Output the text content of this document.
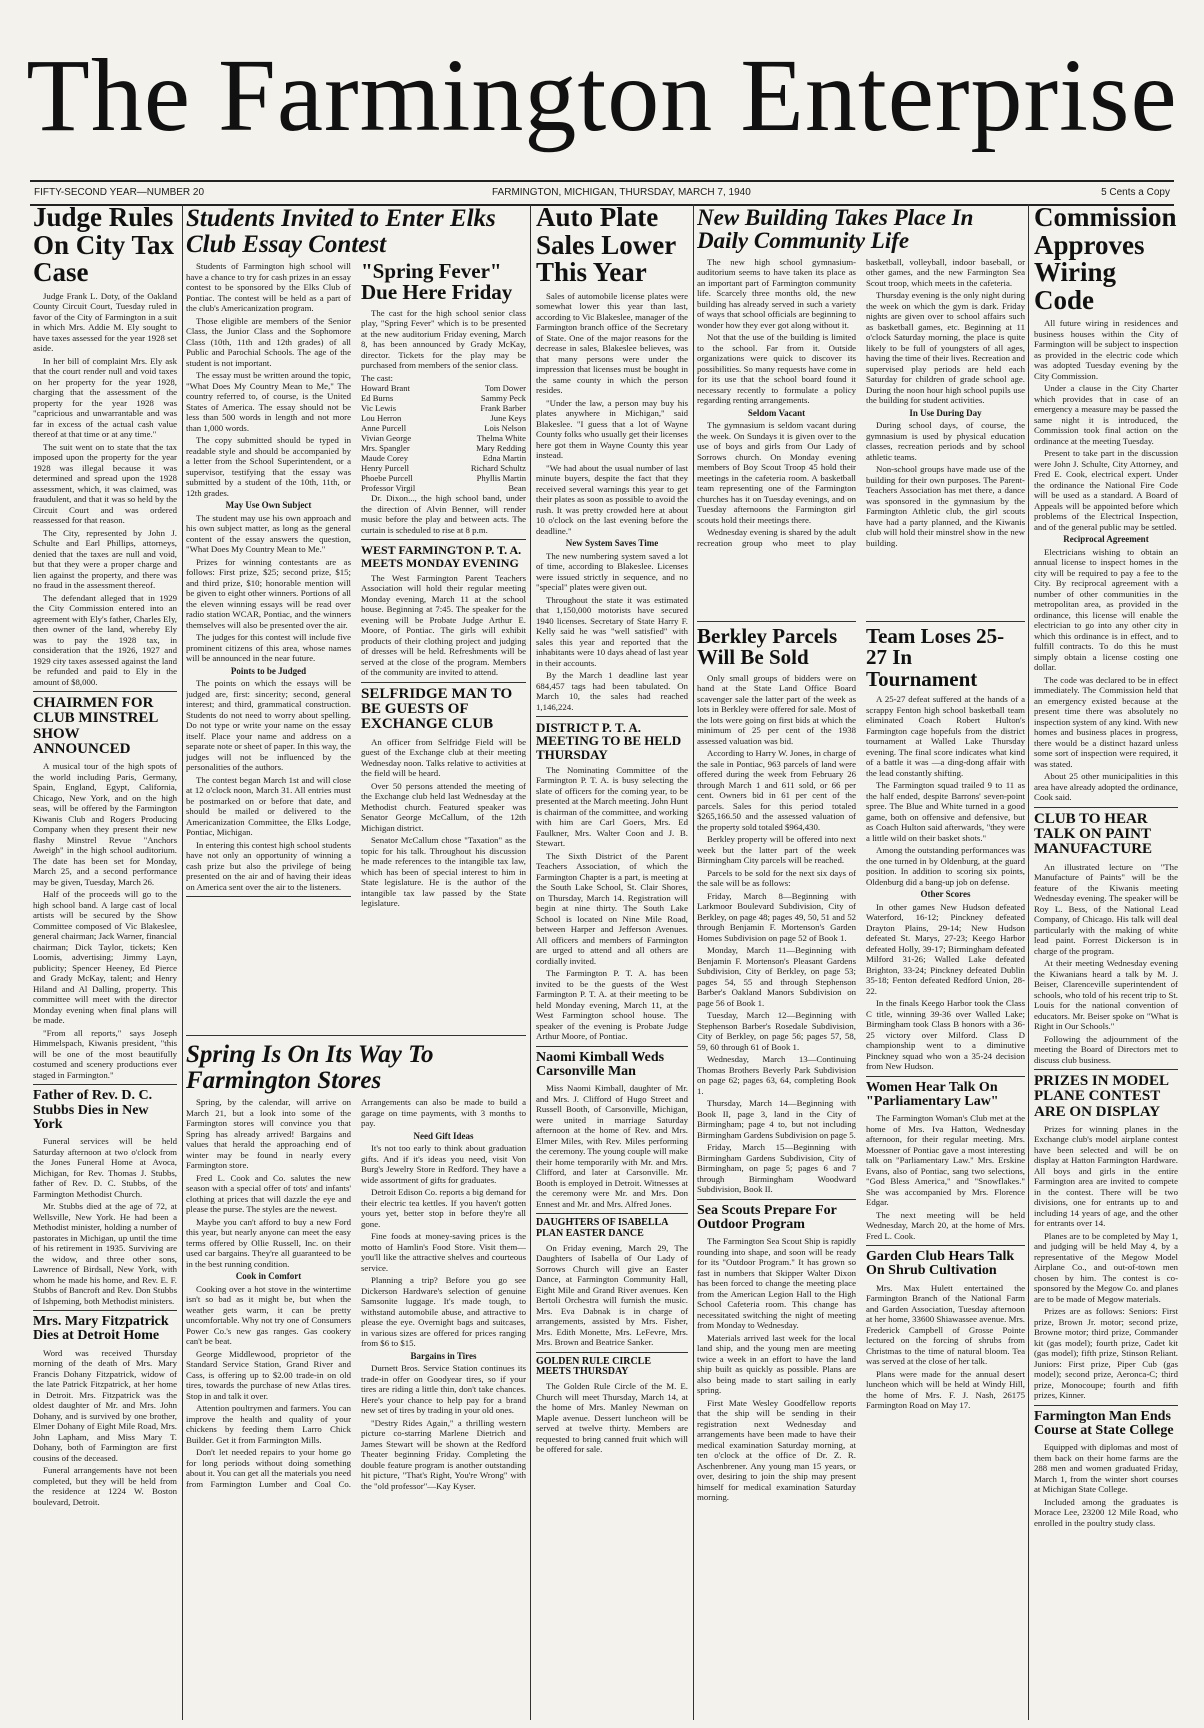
The Farmington Enterprise
FIFTY-SECOND YEAR—NUMBER 20	FARMINGTON, MICHIGAN, THURSDAY, MARCH 7, 1940	5 Cents a Copy
Judge Rules On City Tax Case

Judge Frank L. Doty, of the Oakland County Circuit Court, Tuesday ruled in favor of the City of Farmington in a suit in which Mrs. Addie M. Ely sought to have taxes assessed for the year 1928 set aside.

In her bill of complaint Mrs. Ely ask that the court render null and void taxes on her property for the year 1928, charging that the assessment of the property for the year 1928 was "capricious and unwarrantable and was far in excess of the actual cash value thereof at that time or at any time."

The suit went on to state that the tax imposed upon the property for the year 1928 was illegal because it was determined and spread upon the 1928 assessment, which, it was claimed, was fraudulent, and that it was so held by the Circuit Court and was ordered reassessed for that reason.

The City, represented by John J. Schulte and Earl Phillips, attorneys, denied that the taxes are null and void, but that they were a proper charge and lien against the property, and there was no fraud in the assessment thereof.

The defendant alleged that in 1929 the City Commission entered into an agreement with Ely's father, Charles Ely, then owner of the land, whereby Ely was to pay the 1928 tax, in consideration that the 1926, 1927 and 1929 city taxes assessed against the land be refunded and paid to Ely in the amount of $8,000.

CHAIRMEN FOR CLUB MINSTREL SHOW ANNOUNCED

A musical tour of the high spots of the world including Paris, Germany, Spain, England, Egypt, California, Chicago, New York, and on the high seas, will be offered by the Farmington Kiwanis Club and Rogers Producing Company when they present their new flashy Minstrel Revue "Anchors Aweigh" in the high school auditorium. The date has been set for Monday, March 25, and a second performance may be given, Tuesday, March 26.

Half of the proceeds will go to the high school band. A large cast of local artists will be secured by the Show Committee composed of Vic Blakeslee, general chairman; Jack Warner, financial chairman; Dick Taylor, tickets; Ken Loomis, advertising; Jimmy Layn, publicity; Spencer Heeney, Ed Pierce and Grady McKay, talent; and Henry Hiland and Al Dalling, property. This committee will meet with the director Monday evening when final plans will be made.

"From all reports," says Joseph Himmelspach, Kiwanis president, "this will be one of the most beautifully costumed and scenery productions ever staged in Farmington."

Father of Rev. D. C. Stubbs Dies in New York

Funeral services will be held Saturday afternoon at two o'clock from the Jones Funeral Home at Avoca, Michigan, for Rev. Thomas J. Stubbs, father of Rev. D. C. Stubbs, of the Farmington Methodist Church.

Mr. Stubbs died at the age of 72, at Wellsville, New York. He had been a Methodist minister, holding a number of pastorates in Michigan, up until the time of his retirement in 1935. Surviving are the widow, and three other sons, Lawrence of Birdsall, New York, with whom he made his home, and Rev. E. F. Stubbs of Bancroft and Rev. Don Stubbs of Ishpeming, both Methodist ministers.

Mrs. Mary Fitzpatrick Dies at Detroit Home

Word was received Thursday morning of the death of Mrs. Mary Francis Dohany Fitzpatrick, widow of the late Patrick Fitzpatrick, at her home in Detroit. Mrs. Fitzpatrick was the oldest daughter of Mr. and Mrs. John Dohany, and is survived by one brother, Elmer Dohany of Eight Mile Road, Mrs. John Lapham, and Miss Mary T. Dohany, both of Farmington are first cousins of the deceased.

Funeral arrangements have not been completed, but they will be held from the residence at 1224 W. Boston boulevard, Detroit.

Students Invited to Enter Elks Club Essay Contest

Students of Farmington high school will have a chance to try for cash prizes in an essay contest to be sponsored by the Elks Club of Pontiac. The contest will be held as a part of the club's Americanization program.

Those eligible are members of the Senior Class, the Junior Class and the Sophomore Class (10th, 11th and 12th grades) of all Public and Parochial Schools. The age of the student is not important.

The essay must be written around the topic, "What Does My Country Mean to Me," The country referred to, of course, is the United States of America. The essay should not be less than 500 words in length and not more than 1,000 words.

The copy submitted should be typed in readable style and should be accompanied by a letter from the School Superintendent, or a supervisor, testifying that the essay was submitted by a student of the 10th, 11th, or 12th grades.

May Use Own Subject

The student may use his own approach and his own subject matter, as long as the general content of the essay answers the question, "What Does My Country Mean to Me."

Prizes for winning contestants are as follows: First prize, $25; second prize, $15; and third prize, $10; honorable mention will be given to eight other winners. Portions of all the eleven winning essays will be read over radio station WCAR, Pontiac, and the winners themselves will also be presented over the air.

The judges for this contest will include five prominent citizens of this area, whose names will be announced in the near future.

Points to be Judged

The points on which the essays will be judged are, first: sincerity; second, general interest; and third, grammatical construction. Students do not need to worry about spelling. Do not type or write your name on the essay itself. Place your name and address on a separate note or sheet of paper. In this way, the judges will not be influenced by the personalities of the authors.

The contest began March 1st and will close at 12 o'clock noon, March 31. All entries must be postmarked on or before that date, and should be mailed or delivered to the Americanization Committee, the Elks Lodge, Pontiac, Michigan.

In entering this contest high school students have not only an opportunity of winning a cash prize but also the privilege of being presented on the air and of having their ideas on America sent over the air to the listeners.

"Spring Fever" Due Here Friday

The cast for the high school senior class play, "Spring Fever" which is to be presented at the new auditorium Friday evening, March 8, has been announced by Grady McKay, director. Tickets for the play may be purchased from members of the senior class.

The cast:
Howard Brant	Tom Dower
Ed Burns	Sammy Peck
Vic Lewis	Frank Barber
Lou Herron	June Keys
Anne Purcell	Lois Nelson
Vivian George	Thelma White
Mrs. Spangler	Mary Redding
Maude Corey	Edna Martin
Henry Purcell	Richard Schultz
Phoebe Purcell	Phyllis Martin
Professor Virgil	Bean

Dr. Dixon..., the high school band, under the direction of Alvin Benner, will render music before the play and between acts. The curtain is scheduled to rise at 8 p.m.

WEST FARMINGTON P. T. A. MEETS MONDAY EVENING

The West Farmington Parent Teachers Association will hold their regular meeting Monday evening, March 11 at the school house. Beginning at 7:45. The speaker for the evening will be Probate Judge Arthur E. Moore, of Pontiac. The girls will exhibit products of their clothing project and judging of dresses will be held. Refreshments will be served at the close of the program. Members of the community are invited to attend.

SELFRIDGE MAN TO BE GUESTS OF EXCHANGE CLUB

An officer from Selfridge Field will be guest of the Exchange club at their meeting Wednesday noon. Talks relative to activities at the field will be heard.

Over 50 persons attended the meeting of the Exchange club held last Wednesday at the Methodist church. Featured speaker was Senator George McCallum, of the 12th Michigan district.

Senator McCallum chose "Taxation" as the topic for his talk. Throughout his discussion he made references to the intangible tax law, which has been of special interest to him in State legislature. He is the author of the intangible tax law passed by the State legislature.

Spring Is On Its Way To Farmington Stores

Spring, by the calendar, will arrive on March 21, but a look into some of the Farmington stores will convince you that Spring has already arrived! Bargains and values that herald the approaching end of winter may be found in nearly every Farmington store.

Fred L. Cook and Co. salutes the new season with a special offer of tots' and infants' clothing at prices that will dazzle the eye and please the purse. The styles are the newest.

Maybe you can't afford to buy a new Ford this year, but nearly anyone can meet the easy terms offered by Ollie Russell, Inc. on their used car bargains. They're all guaranteed to be in the best running condition.

Cook in Comfort

Cooking over a hot stove in the wintertime isn't so bad as it might be, but when the weather gets warm, it can be pretty uncomfortable. Why not try one of Consumers Power Co.'s new gas ranges. Gas cookery can't be beat.

George Middlewood, proprietor of the Standard Service Station, Grand River and Cass, is offering up to $2.00 trade-in on old tires, towards the purchase of new Atlas tires. Stop in and talk it over.

Attention poultrymen and farmers. You can improve the health and quality of your chickens by feeding them Larro Chick Builder. Get it from Farmington Mills.

Don't let needed repairs to your home go for long periods without doing something about it. You can get all the materials you need from Farmington Lumber and Coal Co. Arrangements can also be made to build a garage on time payments, with 3 months to pay.

Need Gift Ideas

It's not too early to think about graduation gifts. And if it's ideas you need, visit Von Burg's Jewelry Store in Redford. They have a wide assortment of gifts for graduates.

Detroit Edison Co. reports a big demand for their electric tea kettles. If you haven't gotten yours yet, better stop in before they're all gone.

Fine foods at money-saving prices is the motto of Hamlin's Food Store. Visit them—you'll like the attractive shelves and courteous service.

Planning a trip? Before you go see Dickerson Hardware's selection of genuine Samsonite luggage. It's made tough, to withstand automobile abuse, and attractive to please the eye. Overnight bags and suitcases, in various sizes are offered for prices ranging from $6 to $15.

Bargains in Tires

Durnett Bros. Service Station continues its trade-in offer on Goodyear tires, so if your tires are riding a little thin, don't take chances. Here's your chance to help pay for a brand new set of tires by trading in your old ones.

"Destry Rides Again," a thrilling western picture co-starring Marlene Dietrich and James Stewart will be shown at the Redford Theater beginning Friday. Completing the double feature program is another outstanding hit picture, "That's Right, You're Wrong" with the "old professor"—Kay Kyser.

Auto Plate Sales Lower This Year

Sales of automobile license plates were somewhat lower this year than last, according to Vic Blakeslee, manager of the Farmington branch office of the Secretary of State. One of the major reasons for the decrease in sales, Blakeslee believes, was that many persons were under the impression that licenses must be bought in the same county in which the person resides.

"Under the law, a person may buy his plates anywhere in Michigan," said Blakeslee. "I guess that a lot of Wayne County folks who usually get their licenses here got them in Wayne County this year instead.

"We had about the usual number of last minute buyers, despite the fact that they received several warnings this year to get their plates as soon as possible to avoid the rush. It was pretty crowded here at about 10 o'clock on the last evening before the deadline."

New System Saves Time

The new numbering system saved a lot of time, according to Blakeslee. Licenses were issued strictly in sequence, and no "special" plates were given out.

Throughout the state it was estimated that 1,150,000 motorists have secured 1940 licenses. Secretary of State Harry F. Kelly said he was "well satisfied" with sales this year and reported that the inhabitants were 10 days ahead of last year in their accounts.

By the March 1 deadline last year 684,457 tags had been tabulated. On March 10, the sales had reached 1,146,224.

DISTRICT P. T. A. MEETING TO BE HELD THURSDAY

The Nominating Committee of the Farmington P. T. A. is busy selecting the slate of officers for the coming year, to be presented at the March meeting. John Hunt is chairman of the committee, and working with him are Carl Goers, Mrs. Ed Faulkner, Mrs. Walter Coon and J. B. Stewart.

The Sixth District of the Parent Teachers Association, of which the Farmington Chapter is a part, is meeting at the South Lake School, St. Clair Shores, on Thursday, March 14. Registration will begin at nine thirty. The South Lake School is located on Nine Mile Road, between Harper and Jefferson Avenues. All officers and members of Farmington are urged to attend and all others are cordially invited.

The Farmington P. T. A. has been invited to be the guests of the West Farmington P. T. A. at their meeting to be held Monday evening, March 11, at the West Farmington school house. The speaker of the evening is Probate Judge Arthur Moore, of Pontiac.

Naomi Kimball Weds Carsonville Man

Miss Naomi Kimball, daughter of Mr. and Mrs. J. Clifford of Hugo Street and Russell Booth, of Carsonville, Michigan, were united in marriage Saturday afternoon at the home of Rev. and Mrs. Elmer Miles, with Rev. Miles performing the ceremony. The young couple will make their home temporarily with Mr. and Mrs. Clifford, and later at Carsonville. Mr. Booth is employed in Detroit. Witnesses at the ceremony were Mr. and Mrs. Don Ennest and Mr. and Mrs. Alfred Jones.

DAUGHTERS OF ISABELLA PLAN EASTER DANCE

On Friday evening, March 29, The Daughters of Isabella of Our Lady of Sorrows Church will give an Easter Dance, at Farmington Community Hall, Eight Mile and Grand River avenues. Ken Bertoli Orchestra will furnish the music. Mrs. Eva Dabnak is in charge of arrangements, assisted by Mrs. Fisher, Mrs. Edith Monette, Mrs. LeFevre, Mrs. Mrs. Brown and Beatrice Sanker.

GOLDEN RULE CIRCLE MEETS THURSDAY

The Golden Rule Circle of the M. E. Church will meet Thursday, March 14, at the home of Mrs. Manley Newman on Maple avenue. Dessert luncheon will be served at twelve thirty. Members are requested to bring canned fruit which will be offered for sale.

New Building Takes Place In Daily Community Life

The new high school gymnasium-auditorium seems to have taken its place as an important part of Farmington community life. Scarcely three months old, the new building has already served in such a variety of ways that school officials are beginning to wonder how they ever got along without it.

Not that the use of the building is limited to the school. Far from it. Outside organizations were quick to discover its possibilities. So many requests have come in for its use that the school board found it necessary recently to formulate a policy regarding renting arrangements.

Seldom Vacant

The gymnasium is seldom vacant during the week. On Sundays it is given over to the use of boys and girls from Our Lady of Sorrows church. On Monday evening members of Boy Scout Troop 45 hold their meetings in the cafeteria room. A basketball team representing one of the Farmington churches has it on Tuesday evenings, and on Tuesday afternoons the Farmington girl scouts hold their meetings there.

Wednesday evening is shared by the adult recreation group who meet to play basketball, volleyball, indoor baseball, or other games, and the new Farmington Sea Scout troop, which meets in the cafeteria.

Thursday evening is the only night during the week on which the gym is dark. Friday nights are given over to school affairs such as basketball games, etc. Beginning at 11 o'clock Saturday morning, the place is quite likely to be full of youngsters of all ages, having the time of their lives. Recreation and supervised play periods are held each Saturday for children of grade school age. During the noon hour high school pupils use the building for student activities.

In Use During Day

During school days, of course, the gymnasium is used by physical education classes, recreation periods and by school athletic teams.

Non-school groups have made use of the building for their own purposes. The Parent-Teachers Association has met there, a dance was sponsored in the gymnasium by the Farmington Athletic club, the girl scouts have had a party planned, and the Kiwanis club will hold their minstrel show in the new building.

Berkley Parcels Will Be Sold

Only small groups of bidders were on hand at the State Land Office Board scavenger sale the latter part of the week as lots in Berkley were offered for sale. Most of the lots were going on first bids at which the minimum of 25 per cent of the 1938 assessed valuation was bid.

According to Harry W. Jones, in charge of the sale in Pontiac, 963 parcels of land were offered during the week from February 26 through March 1 and 611 sold, or 66 per cent. Owners bid in 61 per cent of the parcels. Sales for this period totaled $265,166.50 and the assessed valuation of the property sold totaled $964,430.

Berkley property will be offered into next week but the latter part of the week Birmingham City parcels will be reached.

Parcels to be sold for the next six days of the sale will be as follows:

Friday, March 8—Beginning with Larkmoor Boulevard Subdivision, City of Berkley, on page 48; pages 49, 50, 51 and 52 through Benjamin F. Mortenson's Garden Homes Subdivision on page 52 of Book 1.

Monday, March 11—Beginning with Benjamin F. Mortenson's Pleasant Gardens Subdivision, City of Berkley, on page 53; pages 54, 55 and through Stephenson Barber's Oakland Manors Subdivision on page 56 of Book 1.

Tuesday, March 12—Beginning with Stephenson Barber's Rosedale Subdivision, City of Berkley, on page 56; pages 57, 58, 59, 60 through 61 of Book 1.

Wednesday, March 13—Continuing Thomas Brothers Beverly Park Subdivision on page 62; pages 63, 64, completing Book 1.

Thursday, March 14—Beginning with Book II, page 3, land in the City of Birmingham; page 4 to, but not including Birmingham Gardens Subdivision on page 5.

Friday, March 15—Beginning with Birmingham Gardens Subdivision, City of Birmingham, on page 5; pages 6 and 7 through Birmingham Woodward Subdivision, Book II.

Sea Scouts Prepare For Outdoor Program

The Farmington Sea Scout Ship is rapidly rounding into shape, and soon will be ready for its "Outdoor Program." It has grown so fast in numbers that Skipper Walter Dixon has been forced to change the meeting place from the American Legion Hall to the High School Cafeteria room. This change has necessitated switching the night of meeting from Monday to Wednesday.

Materials arrived last week for the local land ship, and the young men are meeting twice a week in an effort to have the land ship built as quickly as possible. Plans are also being made to start sailing in early spring.

First Mate Wesley Goodfellow reports that the ship will be sending in their registration next Wednesday and arrangements have been made to have their medical examination Saturday morning, at ten o'clock at the office of Dr. Z. R. Aschenbrener. Any young man 15 years, or over, desiring to join the ship may present himself for medical examination Saturday morning.

Team Loses 25-27 In Tournament

A 25-27 defeat suffered at the hands of a scrappy Fenton high school basketball team eliminated Coach Robert Hulton's Farmington cage hopefuls from the district tournament at Walled Lake Thursday evening. The final score indicates what kind of a battle it was —a ding-dong affair with the lead constantly shifting.

The Farmington squad trailed 9 to 11 as the half ended, despite Barrons' seven-point spree. The Blue and White turned in a good game, both on offensive and defensive, but as Coach Hulton said afterwards, "they were a little wild on their basket shots."

Among the outstanding performances was the one turned in by Oldenburg, at the guard position. In addition to scoring six points, Oldenburg did a bang-up job on defense.

Other Scores

In other games New Hudson defeated Waterford, 16-12; Pinckney defeated Drayton Plains, 29-14; New Hudson defeated St. Marys, 27-23; Keego Harbor defeated Holly, 39-17; Birmingham defeated Milford 31-26; Walled Lake defeated Brighton, 33-24; Pinckney defeated Dublin 35-18; Fenton defeated Redford Union, 28-22.

In the finals Keego Harbor took the Class C title, winning 39-36 over Walled Lake; Birmingham took Class B honors with a 36-25 victory over Milford. Class D championship went to a diminutive Pinckney squad who won a 35-24 decision from New Hudson.

Women Hear Talk On "Parliamentary Law"

The Farmington Woman's Club met at the home of Mrs. Iva Hatton, Wednesday afternoon, for their regular meeting. Mrs. Moessner of Pontiac gave a most interesting talk on "Parliamentary Law." Mrs. Erskine Evans, also of Pontiac, sang two selections, "God Bless America," and "Snowflakes." She was accompanied by Mrs. Florence Edgar.

The next meeting will be held Wednesday, March 20, at the home of Mrs. Fred L. Cook.

Garden Club Hears Talk On Shrub Cultivation

Mrs. Max Hulett entertained the Farmington Branch of the National Farm and Garden Association, Tuesday afternoon at her home, 33600 Shiawassee avenue. Mrs. Frederick Campbell of Grosse Pointe lectured on the forcing of shrubs from Christmas to the time of natural bloom. Tea was served at the close of her talk.

Plans were made for the annual desert luncheon which will be held at Windy Hill, the home of Mrs. F. J. Nash, 26175 Farmington Road on May 17.

Commission Approves Wiring Code

All future wiring in residences and business houses within the City of Farmington will be subject to inspection as provided in the electric code which was adopted Tuesday evening by the City Commission.

Under a clause in the City Charter which provides that in case of an emergency a measure may be passed the same night it is introduced, the Commission took final action on the ordinance at the meeting Tuesday.

Present to take part in the discussion were John J. Schulte, City Attorney, and Fred E. Cook, electrical expert. Under the ordinance the National Fire Code will be used as a standard. A Board of Appeals will be appointed before which problems of the Electrical Inspection, and of the general public may be settled.

Reciprocal Agreement

Electricians wishing to obtain an annual license to inspect homes in the city will be required to pay a fee to the City. By reciprocal agreement with a number of other communities in the metropolitan area, as provided in the ordinance, this license will enable the electrician to go into any other city in which this ordinance is in effect, and to fulfill contracts. To do this he must simply obtain a license costing one dollar.

The code was declared to be in effect immediately. The Commission held that an emergency existed because at the present time there was absolutely no inspection system of any kind. With new homes and business places in progress, there would be a distinct hazard unless some sort of inspection were required, it was stated.

About 25 other municipalities in this area have already adopted the ordinance, Cook said.

CLUB TO HEAR TALK ON PAINT MANUFACTURE

An illustrated lecture on "The Manufacture of Paints" will be the feature of the Kiwanis meeting Wednesday evening. The speaker will be Roy L. Bess, of the National Lead Company, of Chicago. His talk will deal particularly with the making of white lead paint. Forrest Dickerson is in charge of the program.

At their meeting Wednesday evening the Kiwanians heard a talk by M. J. Beiser, Clarenceville superintendent of schools, who told of his recent trip to St. Louis for the national convention of educators. Mr. Beiser spoke on "What is Right in Our Schools."

Following the adjournment of the meeting the Board of Directors met to discuss club business.

PRIZES IN MODEL PLANE CONTEST ARE ON DISPLAY

Prizes for winning planes in the Exchange club's model airplane contest have been selected and will be on display at Hatton Farmington Hardware. All boys and girls in the entire Farmington area are invited to compete in the contest. There will be two divisions, one for entrants up to and including 14 years of age, and the other for entrants over 14.

Planes are to be completed by May 1, and judging will be held May 4, by a representative of the Megow Model Airplane Co., and out-of-town men chosen by him. The contest is co-sponsored by the Megow Co. and planes are to be made of Megow materials.

Prizes are as follows: Seniors: First prize, Brown Jr. motor; second prize, Browne motor; third prize, Commander kit (gas model); fourth prize, Cadet kit (gas model); fifth prize, Stinson Reliant. Juniors: First prize, Piper Cub (gas model); second prize, Aeronca-C; third prize, Monocoupe; fourth and fifth prizes, Kinner.

Farmington Man Ends Course at State College

Equipped with diplomas and most of them back on their home farms are the 288 men and women graduated Friday, March 1, from the winter short courses at Michigan State College.

Included among the graduates is Morace Lee, 23200 12 Mile Road, who enrolled in the poultry study class.
